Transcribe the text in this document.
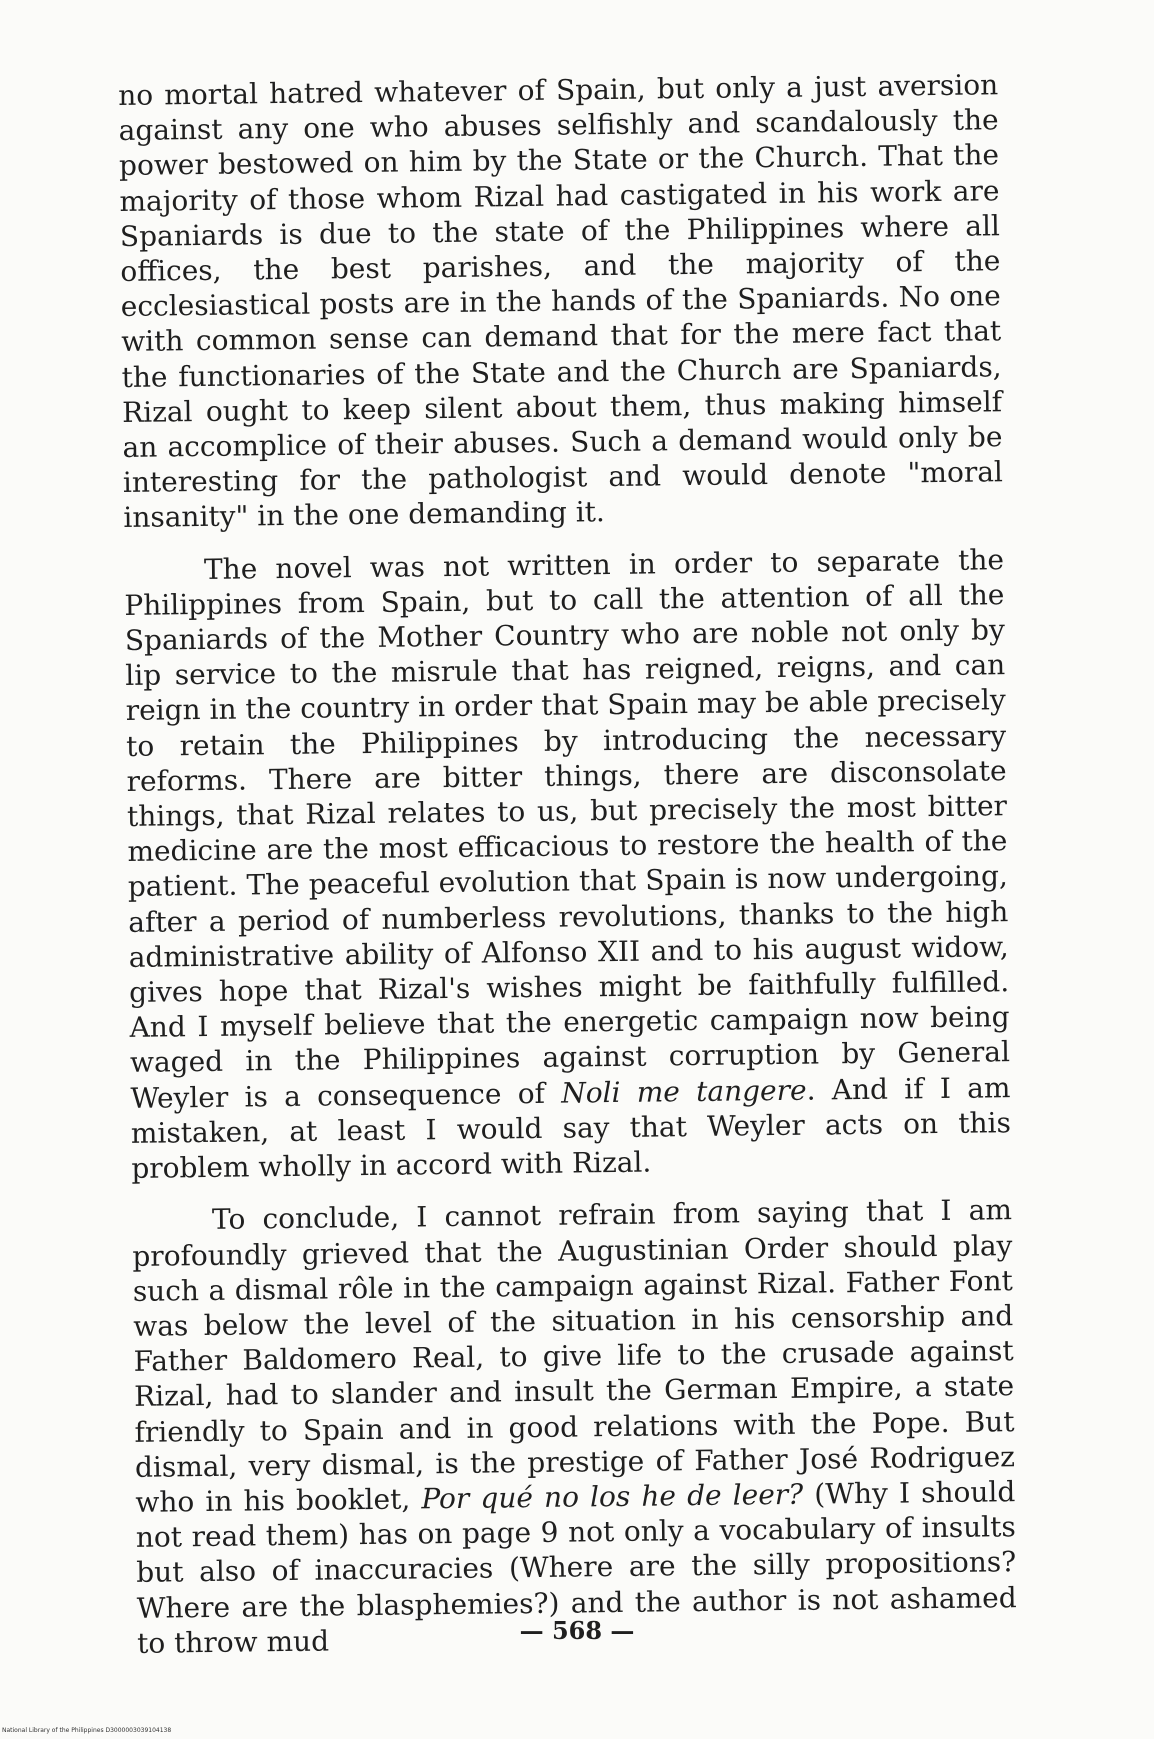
no mortal hatred whatever of Spain, but only a just aversion against any one who abuses selfishly and scandalously the power bestowed on him by the State or the Church. That the majority of those whom Rizal had castigated in his work are Spaniards is due to the state of the Philippines where all offices, the best parishes, and the majority of the ecclesiastical posts are in the hands of the Spaniards. No one with common sense can demand that for the mere fact that the functionaries of the State and the Church are Spaniards, Rizal ought to keep silent about them, thus making himself an accomplice of their abuses. Such a demand would only be interesting for the pathologist and would denote "moral insanity" in the one demanding it.

The novel was not written in order to separate the Philippines from Spain, but to call the attention of all the Spaniards of the Mother Country who are noble not only by lip service to the misrule that has reigned, reigns, and can reign in the country in order that Spain may be able precisely to retain the Philippines by introducing the necessary reforms. There are bitter things, there are disconsolate things, that Rizal relates to us, but precisely the most bitter medicine are the most efficacious to restore the health of the patient. The peaceful evolution that Spain is now undergoing, after a period of numberless revolutions, thanks to the high administrative ability of Alfonso XII and to his august widow, gives hope that Rizal's wishes might be faithfully fulfilled. And I myself believe that the energetic campaign now being waged in the Philippines against corruption by General Weyler is a consequence of Noli me tangere. And if I am mistaken, at least I would say that Weyler acts on this problem wholly in accord with Rizal.

To conclude, I cannot refrain from saying that I am profoundly grieved that the Augustinian Order should play such a dismal rôle in the campaign against Rizal. Father Font was below the level of the situation in his censorship and Father Baldomero Real, to give life to the crusade against Rizal, had to slander and insult the German Empire, a state friendly to Spain and in good relations with the Pope. But dismal, very dismal, is the prestige of Father José Rodriguez who in his booklet, Por qué no los he de leer? (Why I should not read them) has on page 9 not only a vocabulary of insults but also of inaccuracies (Where are the silly propositions? Where are the blasphemies?) and the author is not ashamed to throw mud	— 568 —
National Library of the Philippines D3000003039104138
